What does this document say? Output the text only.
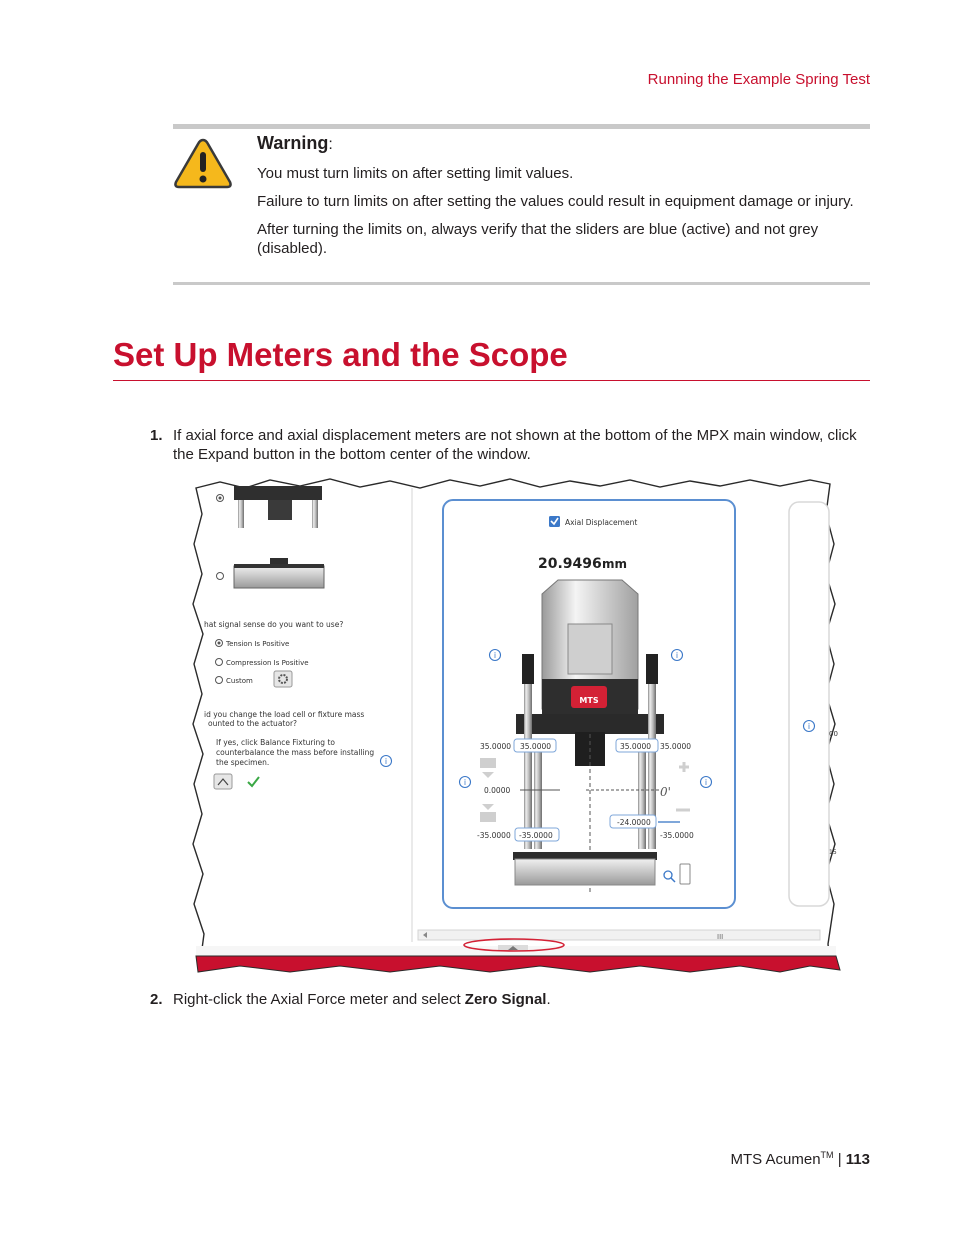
Running the Example Spring Test
Warning:
You must turn limits on after setting limit values.
Failure to turn limits on after setting the values could result in equipment damage or injury.
After turning the limits on, always verify that the sliders are blue (active) and not grey (disabled).
Set Up Meters and the Scope
1. If axial force and axial displacement meters are not shown at the bottom of the MPX main window, click the Expand button in the bottom center of the window.
hat signal sense do you want to use?
Tension Is Positive
Compression Is Positive
Custom
id you change the load cell or fixture mass
ounted to the actuator?
If yes, click Balance Fixturing to
counterbalance the mass before installing
the specimen.	i
Axial Displacement
20.9496 mm
MTS
i	i
i	i
i
35.0000 35.0000	35.0000 35.0000
0.0000	0'
-24.0000
-35.0000 -35.0000	-35.0000
00
15
III
2. Right-click the Axial Force meter and select Zero Signal.
MTS Acumen™ | 113
